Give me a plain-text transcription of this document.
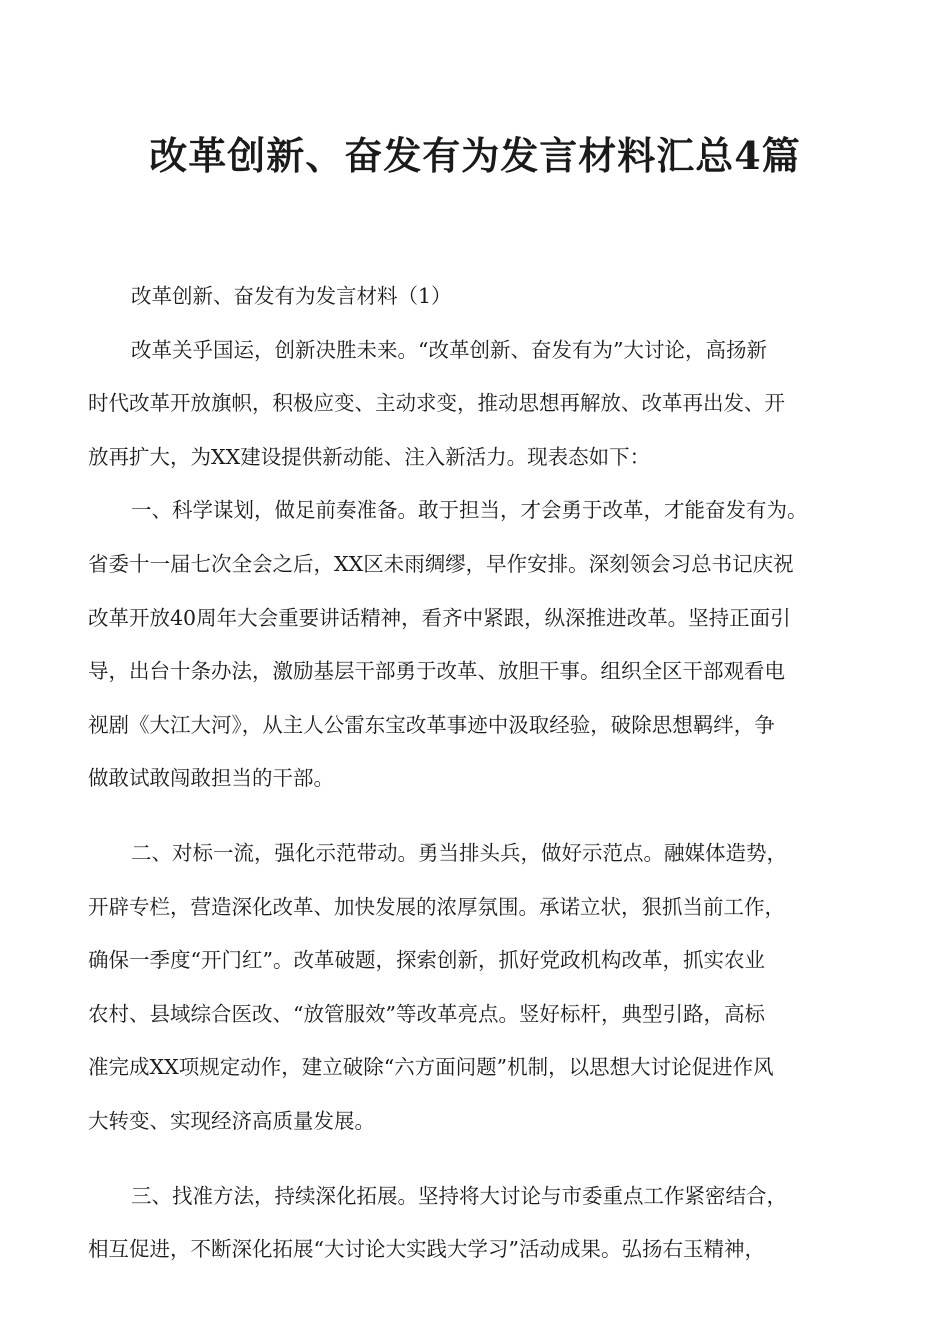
改革创新、奋发有为发言材料汇总4篇
改革创新、奋发有为发言材料（1）
改革关乎国运，创新决胜未来。“改革创新、奋发有为”大讨论，高扬新
时代改革开放旗帜，积极应变、主动求变，推动思想再解放、改革再出发、开
放再扩大，为XX建设提供新动能、注入新活力。现表态如下：
一、科学谋划，做足前奏准备。敢于担当，才会勇于改革，才能奋发有为。
省委十一届七次全会之后，XX区未雨绸缪，早作安排。深刻领会习总书记庆祝
改革开放40周年大会重要讲话精神，看齐中紧跟，纵深推进改革。坚持正面引
导，出台十条办法，激励基层干部勇于改革、放胆干事。组织全区干部观看电
视剧《大江大河》，从主人公雷东宝改革事迹中汲取经验，破除思想羁绊，争
做敢试敢闯敢担当的干部。
二、对标一流，强化示范带动。勇当排头兵，做好示范点。融媒体造势，
开辟专栏，营造深化改革、加快发展的浓厚氛围。承诺立状，狠抓当前工作，
确保一季度“开门红”。改革破题，探索创新，抓好党政机构改革，抓实农业
农村、县域综合医改、“放管服效”等改革亮点。竖好标杆，典型引路，高标
准完成XX项规定动作，建立破除“六方面问题”机制，以思想大讨论促进作风
大转变、实现经济高质量发展。
三、找准方法，持续深化拓展。坚持将大讨论与市委重点工作紧密结合，
相互促进，不断深化拓展“大讨论大实践大学习”活动成果。弘扬右玉精神，
